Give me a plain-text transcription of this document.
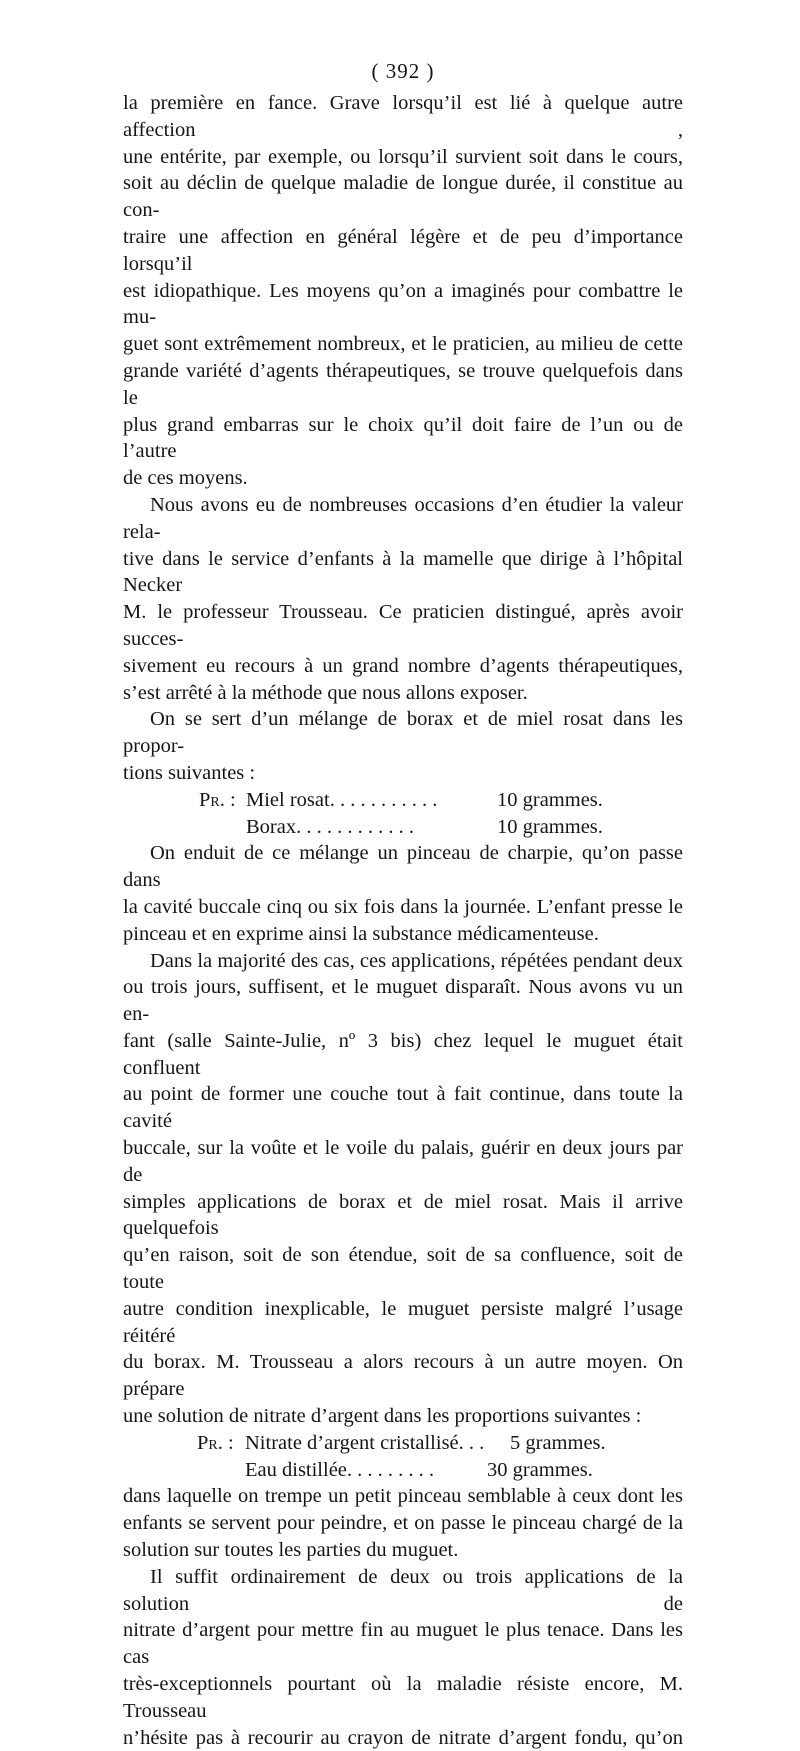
( 392 )
la première en fance. Grave lorsqu’il est lié à quelque autre affection ,
une entérite, par exemple, ou lorsqu’il survient soit dans le cours,
soit au déclin de quelque maladie de longue durée, il constitue au con-
traire une affection en général légère et de peu d’importance lorsqu’il
est idiopathique. Les moyens qu’on a imaginés pour combattre le mu-
guet sont extrêmement nombreux, et le praticien, au milieu de cette
grande variété d’agents thérapeutiques, se trouve quelquefois dans le
plus grand embarras sur le choix qu’il doit faire de l’un ou de l’autre
de ces moyens.
Nous avons eu de nombreuses occasions d’en étudier la valeur rela-
tive dans le service d’enfants à la mamelle que dirige à l’hôpital Necker
M. le professeur Trousseau. Ce praticien distingué, après avoir succes-
sivement eu recours à un grand nombre d’agents thérapeutiques,
s’est arrêté à la méthode que nous allons exposer.
On se sert d’un mélange de borax et de miel rosat dans les propor-
tions suivantes :
Pr. : Miel rosat. . . . . . . . . . .	10 grammes.
Borax. . . . . . . . . . . .	10 grammes.
On enduit de ce mélange un pinceau de charpie, qu’on passe dans
la cavité buccale cinq ou six fois dans la journée. L’enfant presse le
pinceau et en exprime ainsi la substance médicamenteuse.
Dans la majorité des cas, ces applications, répétées pendant deux
ou trois jours, suffisent, et le muguet disparaît. Nous avons vu un en-
fant (salle Sainte-Julie, nº 3 bis) chez lequel le muguet était confluent
au point de former une couche tout à fait continue, dans toute la cavité
buccale, sur la voûte et le voile du palais, guérir en deux jours par de
simples applications de borax et de miel rosat. Mais il arrive quelquefois
qu’en raison, soit de son étendue, soit de sa confluence, soit de toute
autre condition inexplicable, le muguet persiste malgré l’usage réitéré
du borax. M. Trousseau a alors recours à un autre moyen. On prépare
une solution de nitrate d’argent dans les proportions suivantes :
Pr. : Nitrate d’argent cristallisé. . . 5 grammes.
Eau distillée. . . . . . . . .	30 grammes.
dans laquelle on trempe un petit pinceau semblable à ceux dont les
enfants se servent pour peindre, et on passe le pinceau chargé de la
solution sur toutes les parties du muguet.
Il suffit ordinairement de deux ou trois applications de la solution de
nitrate d’argent pour mettre fin au muguet le plus tenace. Dans les cas
très-exceptionnels pourtant où la maladie résiste encore, M. Trousseau
n’hésite pas à recourir au crayon de nitrate d’argent fondu, qu’on
